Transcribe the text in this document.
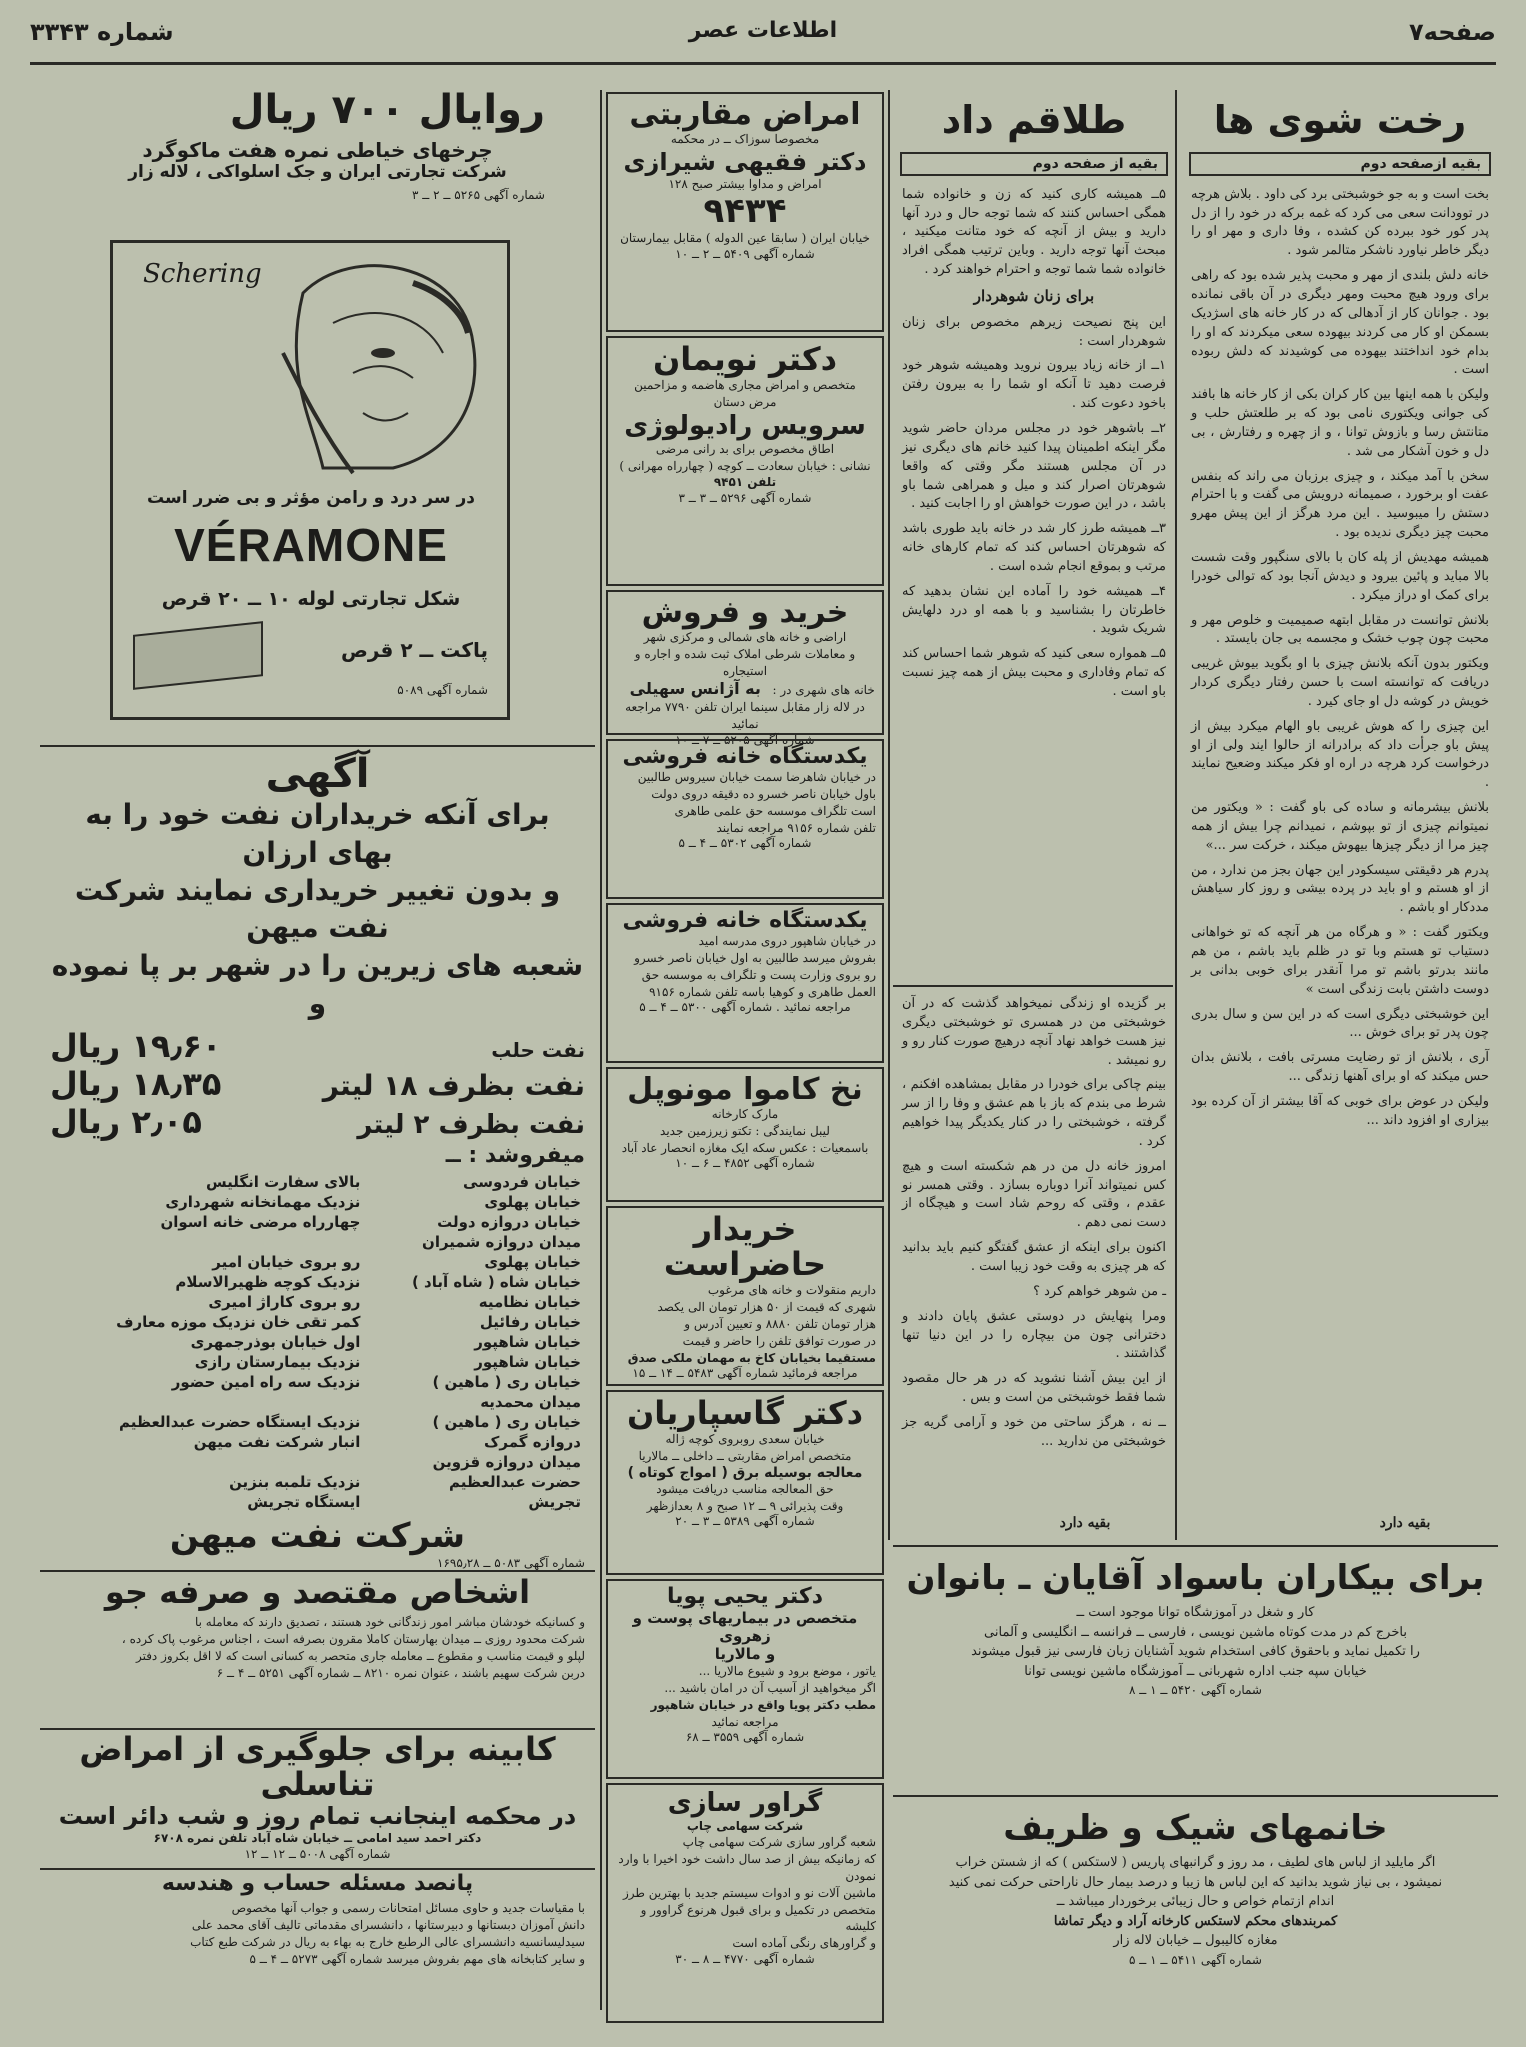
صفحه۷
اطلاعات عصر
شماره ۳۳۴۳
رخت شوی ها
بقیه ازصفحه دوم

بخت است و به جو خوشبختی برد کی داود . بلاش هرچه در توودانت سعی می کرد که غمه برکه در خود را از دل پدر کور خود ببرده کن کشده ، وفا داری و مهر او را دیگر خاطر نیاورد ناشکر متالمر شود .

خانه دلش بلندی از مهر و محبت پذیر شده بود که راهی برای ورود هیچ محبت ومهر دیگری در آن باقی نمانده بود . جوانان کار از آدهالی که در کار خانه های اسژدیک بسمکن او کار می کردند بیهوده سعی میکردند که او را بدام خود انداختند بیهوده می کوشیدند که دلش ربوده است .

ولیکن با همه اینها بین کار کران بکی از کار خانه ها بافند کی جوانی ویکتوری نامی بود که بر طلعتش حلب و متانتش رسا و بازوش توانا ، و از چهره و رفتارش ، بی دل و خون آشکار می شد .

سخن با آمد میکند ، و چیزی برزبان می راند که بنفس عفت او برخورد ، صمیمانه درویش می گفت و با احترام دستش را میبوسید . این مرد هرگز از این پیش مهرو محبت چیز دیگری ندیده بود .

همیشه مهدیش از پله کان با بالای سنگپور وقت شست بالا مباید و پائین بیرود و دیدش آنجا بود که توالی خودرا برای کمک او دراز میکرد .

بلانش توانست در مقابل ابتهه صمیمیت و خلوص مهر و محبت چون چوب خشک و مجسمه بی جان بایستد .

ویکتور بدون آنکه بلانش چیزی با او بگوید بیوش غریبی دریافت که توانسته است با حسن رفتار دیگری کردار خویش در کوشه دل او جای کیرد .

این چیزی را که هوش غریبی باو الهام میکرد بیش از پیش باو جرأت داد که برادرانه از حالوا ایند ولی از او درخواست کرد هرچه در اره او فکر میکند وضعیح نمایند .

بلانش بیشرمانه و ساده کی باو گفت : « ویکتور من نمیتوانم چیزی از تو بپوشم ، نمیدانم چرا بیش از همه چیز مرا از دیگر چیزها بیهوش میکند ، خرکت سر ...»

پدرم هر دقیقتی سیسکودر این جهان بجز من ندارد ، من از او هستم و او باید در پرده بیشی و روز کار سیاهش مددکار او باشم .

ویکتور گفت : « و هرگاه من هر آنچه که تو خواهانی دستیاب تو هستم وبا تو در ظلم باید باشم ، من هم مانند بدرتو باشم تو مرا آنقدر برای خوبی بدانی بر دوست داشتن بابت زندگی است »

این خوشبختی دیگری است که در این سن و سال بدری چون پدر تو برای خوش ...

آری ، بلانش از تو رضایت مسرتی بافت ، بلانش بدان حس میکند که او برای آهنها زندگی ...

ولیکن در عوض برای خوبی که آقا بیشتر از آن کرده بود بیزاری او افزود داند ...

بقیه دارد
طلاقم داد
بقیه از صفحه دوم

۵ــ همیشه کاری کنید که زن و خانواده شما همگی احساس کنند که شما توجه حال و درد آنها دارید و بیش از آنچه که خود متانت میکنید ، مبحث آنها توجه دارید . وباین ترتیب همگی افراد خانواده شما شما توجه و احترام خواهند کرد .

برای زنان شوهردار

این پنج نصیحت زیرهم مخصوص برای زنان شوهردار است :

۱ــ از خانه زیاد بیرون نروید وهمیشه شوهر خود فرصت دهید تا آنکه او شما را به بیرون رفتن باخود دعوت کند .

۲ــ باشوهر خود در مجلس مردان حاضر شوید مگر اینکه اطمینان پیدا کنید خانم های دیگری نیز در آن مجلس هستند مگر وقتی که واقعا شوهرتان اصرار کند و میل و همراهی شما باو باشد ، در این صورت خواهش او را اجابت کنید .

۳ــ همیشه طرز کار شد در خانه باید طوری باشد که شوهرتان احساس کند که تمام کارهای خانه مرتب و بموقع انجام شده است .

۴ــ همیشه خود را آماده این نشان بدهید که خاطرتان را بشناسید و با همه او درد دلهایش شریک شوید .

۵ــ همواره سعی کنید که شوهر شما احساس کند که تمام وفاداری و محبت بیش از همه چیز نسبت باو است .

بر گزیده او زندگی نمیخواهد گذشت که در آن خوشبختی من در همسری تو خوشبختی دیگری نیز هست خواهد نهاد آنچه درهیچ صورت کنار رو و رو نمیشد .

بینم چاکی برای خودرا در مقابل بمشاهده افکنم ، شرط می بندم که باز با هم عشق و وفا را از سر گرفته ، خوشبختی را در کنار یکدیگر پیدا خواهیم کرد .

امروز خانه دل من در هم شکسته است و هیچ کس نمیتواند آنرا دوباره بسازد . وقتی همسر نو عقدم ، وقتی که روحم شاد است و هیچگاه از دست نمی دهم .

اکنون برای اینکه از عشق گفتگو کنیم باید بدانید که هر چیزی به وقت خود زیبا است .

ـ من شوهر خواهم کرد ؟

ومرا پنهایش در دوستی عشق پایان دادند و دخترانی چون من بیچاره را در این دنیا تنها گذاشتند .

از این بیش آشنا نشوید که در هر حال مقصود شما فقط خوشبختی من است و بس .

ــ نه ، هرگز ساحتی من خود و آرامی گریه جز خوشبختی من ندارید ...

بقیه دارد
برای بیکاران باسواد آقایان ـ بانوان
کار و شغل در آموزشگاه توانا موجود است ــ
باخرج کم در مدت کوتاه ماشین نویسی ، فارسی ــ فرانسه ــ انگلیسی و آلمانی
را تکمیل نماید و باحقوق کافی استخدام شوید آشنایان زبان فارسی نیز قبول میشوند
خیابان سپه جنب اداره شهربانی ــ آموزشگاه ماشین نویسی توانا
شماره آگهی ۵۴۲۰ ــ ۱ ــ ۸
خانمهای شیک و ظریف
اگر مایلید از لباس های لطیف ، مد روز و گرانبهای پاریس ( لاستکس ) که از شستن خراب
نمیشود ، بی نیاز شوید بدانید که این لباس ها زیبا و درصد بیمار حال ناراحتی حرکت نمی کنید
اندام ازتمام خواص و حال زیبائی برخوردار میباشد ــ
کمربندهای محکم لاستکس کارخانه آراد و دیگر تماشا
مغازه کالیبول ــ خیابان لاله زار
شماره آگهی ۵۴۱۱ ــ ۱ ــ ۵
امراض مقاربتی
مخصوصا سوزاک ــ در محکمه
دکتر فقیهی شیرازی
امراض و مداوا بیشتر صبح ۱۲۸
۹۴۳۴
خیابان ایران ( سابقا عین الدوله ) مقابل بیمارستان
شماره آگهی ۵۴۰۹ ــ ۲ ــ ۱۰
دکتر نویمان
متخصص و امراض مجاری هاضمه و مزاحمین
مرض دستان
سرویس رادیولوژی
اطاق مخصوص برای بد رانی مرضی
نشانی : خیابان سعادت ــ کوچه ( چهارراه مهرانی )
تلفن ۹۴۵۱
شماره آگهی ۵۲۹۶ ــ ۳ ــ ۳
خرید و فروش
اراضی و خانه های شمالی و مرکزی شهر
و معاملات شرطی املاک ثبت شده و اجاره و استیجاره
خانه های شهری در :به آژانس سهیلی
در لاله زار مقابل سینما ایران تلفن ۷۷۹۰ مراجعه نمائید
شماره آگهی ۵۲۰۵ ــ ۷ ــ ۱۰
یکدستگاه خانه فروشی
در خیابان شاهرضا سمت خیابان سیروس طالبین
باول خیابان ناصر خسرو ده دقیقه دروی دولت
است تلگراف موسسه حق علمی طاهری
تلفن شماره ۹۱۵۶ مراجعه نمایند
شماره آگهی ۵۳۰۲ ــ ۴ ــ ۵
یکدستگاه خانه فروشی
در خیابان شاهپور دروی مدرسه امید
بفروش میرسد طالبین به اول خیابان ناصر خسرو
رو بروی وزارت پست و تلگراف به موسسه حق
العمل طاهری و کوهیا باسه تلفن شماره ۹۱۵۶
مراجعه نمائید . شماره آگهی ۵۳۰۰ ــ ۴ ــ ۵
نخ کاموا مونوپل
مارک کارخانه
لیبل نمایندگی : تکتو زیرزمین جدید
باسمعیات : عکس سکه ایک مغازه انحصار عاد آباد
شماره آگهی ۴۸۵۲ ــ ۶ ــ ۱۰
خریدار حاضراست
داریم منقولات و خانه های مرغوب
شهری که قیمت از ۵۰ هزار تومان الی یکصد
هزار تومان تلفن ۸۸۸۰ و تعیین آدرس و
در صورت توافق تلفن را حاضر و قیمت
مستقیما بخیابان کاخ به مهمان ملکی صدق
مراجعه فرمائید شماره آگهی ۵۴۸۳ ــ ۱۴ ــ ۱۵
دکتر گاسپاریان
خیابان سعدی روبروی کوچه ژاله
متخصص امراض مقاربتی ــ داخلی ــ مالاریا
معالجه بوسیله برق ( امواج کوتاه )
حق المعالجه مناسب دریافت میشود
وقت پذیرائی ۹ ــ ۱۲ صبح و ۸ بعدازظهر
شماره آگهی ۵۳۸۹ ــ ۳ ــ ۲۰
دکتر یحیی پویا
متخصص در بیماریهای پوست و زهروی
و مالاریا
یاتور ، موضع برود و شیوع مالاریا ...
اگر میخواهید از آسیب آن در امان باشید ...
مطب دکتر پویا واقع در خیابان شاهپور
مراجعه نمائید
شماره آگهی ۳۵۵۹ ــ ۶۸
گراور سازی
شرکت سهامی چاپ
شعبه گراور سازی شرکت سهامی چاپ
که زمانیکه بیش از صد سال داشت خود اخیرا با وارد نمودن
ماشین آلات نو و ادوات سیستم جدید با بهترین طرز
متخصص در تکمیل و برای قبول هرنوع گراوور و کلیشه
و گراورهای رنگی آماده است
شماره آگهی ۴۷۷۰ ــ ۸ ــ ۳۰
روایال ۷۰۰ ریال
چرخهای خیاطی نمره هفت ماکوگرد
شرکت تجارتی ایران و جک اسلواکی ، لاله زار
شماره آگهی ۵۲۶۵ ــ ۲ ــ ۳
Schering
در سر درد و رامن مؤثر و بی ضرر است
VÉRAMONE
شکل تجارتی لوله ۱۰ ــ ۲۰ قرص
پاکت ــ ۲ قرص
شماره آگهی ۵۰۸۹
آگهی
برای آنکه خریداران نفت خود را به بهای ارزان
و بدون تغییر خریداری نمایند شرکت نفت میهن
شعبه های زیرین را در شهر بر پا نموده و
نفت حلب
۱۹٫۶۰ ریال
نفت بظرف ۱۸ لیتر
۱۸٫۳۵ ریال
نفت بظرف ۲ لیتر
۲٫۰۵ ریال
میفروشد : ــ
خیابان فردوسی	بالای سفارت انگلیس
خیابان پهلوی	نزدیک مهمانخانه شهرداری
خیابان دروازه دولت	چهارراه مرضی خانه اسوان
میدان دروازه شمیران	
خیابان پهلوی	رو بروی خیابان امیر
خیابان شاه ( شاه آباد )	نزدیک کوچه ظهیرالاسلام
خیابان نظامیه	رو بروی کاراژ امیری
خیابان رفائیل	کمر تقی خان نزدیک موزه معارف
خیابان شاهپور	اول خیابان بوذرجمهری
خیابان شاهپور	نزدیک بیمارستان رازی
خیابان ری ( ماهین )	نزدیک سه راه امین حضور
میدان محمدیه	
خیابان ری ( ماهین )	نزدیک ایستگاه حضرت عبدالعظیم
دروازه گمرک	انبار شرکت نفت میهن
میدان دروازه قزوین	
حضرت عبدالعظیم	نزدیک تلمبه بنزین
تجریش	ایستگاه تجریش
شرکت نفت میهن
شماره آگهی ۵۰۸۳ ــ ۱۶۹۵٫۲۸
اشخاص مقتصد و صرفه جو
و کسانیکه خودشان مباشر امور زندگانی خود هستند ، تصدیق دارند که معامله با
شرکت محدود روزی ــ میدان بهارستان کاملا مقرون بصرفه است ، اجناس مرغوب پاک کرده ،
لپلو و قیمت مناسب و مقطوع ــ معامله جاری متحصر به کسانی است که لا اقل بکروز دفتر
دربن شرکت سهیم باشند ، عنوان نمره ۸۲۱۰ ــ شماره آگهی ۵۲۵۱ ــ ۴ ــ ۶
کابینه برای جلوگیری از امراض تناسلی
در محکمه اینجانب تمام روز و شب دائر است
دکتر احمد سید امامی ــ خیابان شاه آباد تلفن نمره ۶۷۰۸
شماره آگهی ۵۰۰۸ ــ ۱۲ ــ ۱۲
پانصد مسئله حساب و هندسه
با مقیاسات جدید و حاوی مسائل امتحانات رسمی و جواب آنها مخصوص
دانش آموزان دبستانها و دبیرستانها ، دانشسرای مقدماتی تالیف آقای محمد علی
سیدلیسانسیه دانشسرای عالی الرطبع خارج به بهاء به ریال در شرکت طبع کتاب
و سایر کتابخانه های مهم بفروش میرسد شماره آگهی ۵۲۷۳ ــ ۴ ــ ۵
